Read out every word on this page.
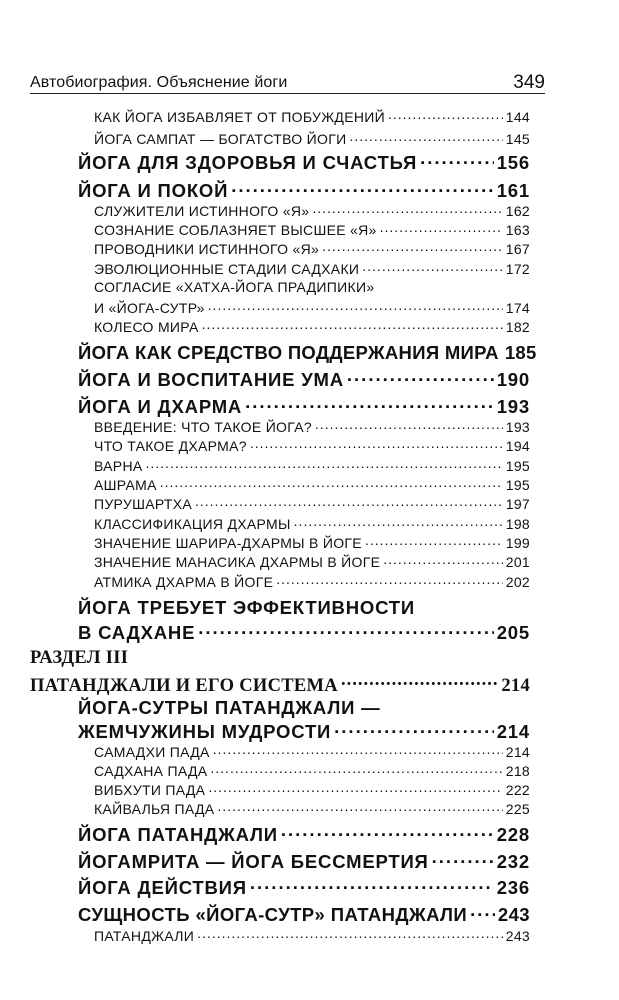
Автобиография. Объяснение йоги	349
КАК ЙОГА ИЗБАВЛЯЕТ ОТ ПОБУЖДЕНИЙ .....	144
ЙОГА САМПАТ — БОГАТСТВО ЙОГИ .....	145
ЙОГА ДЛЯ ЗДОРОВЬЯ И СЧАСТЬЯ .....	156
ЙОГА И ПОКОЙ .....	161
СЛУЖИТЕЛИ ИСТИННОГО «Я» .....	162
СОЗНАНИЕ СОБЛАЗНЯЕТ ВЫСШЕЕ «Я» .....	163
ПРОВОДНИКИ ИСТИННОГО «Я» .....	167
ЭВОЛЮЦИОННЫЕ СТАДИИ САДХАКИ .....	172
СОГЛАСИЕ «ХАТХА-ЙОГА ПРАДИПИКИ»
И «ЙОГА-СУТР» .....	174
КОЛЕСО МИРА .....	182
ЙОГА КАК СРЕДСТВО ПОДДЕРЖАНИЯ МИРА 185
ЙОГА И ВОСПИТАНИЕ УМА .....	190
ЙОГА И ДХАРМА .....	193
ВВЕДЕНИЕ: ЧТО ТАКОЕ ЙОГА? .....	193
ЧТО ТАКОЕ ДХАРМА? .....	194
ВАРНА .....	195
АШРАМА .....	195
ПУРУШАРТХА .....	197
КЛАССИФИКАЦИЯ ДХАРМЫ .....	198
ЗНАЧЕНИЕ ШАРИРА-ДХАРМЫ В ЙОГЕ .....	199
ЗНАЧЕНИЕ МАНАСИКА ДХАРМЫ В ЙОГЕ .....	201
АТМИКА ДХАРМА В ЙОГЕ .....	202
ЙОГА ТРЕБУЕТ ЭФФЕКТИВНОСТИ
В САДХАНЕ .....	205
РАЗДЕЛ III
ПАТАНДЖАЛИ И ЕГО СИСТЕМА .....	214
ЙОГА-СУТРЫ ПАТАНДЖАЛИ —
ЖЕМЧУЖИНЫ МУДРОСТИ .....	214
САМАДХИ ПАДА .....	214
САДХАНА ПАДА .....	218
ВИБХУТИ ПАДА .....	222
КАЙВАЛЬЯ ПАДА .....	225
ЙОГА ПАТАНДЖАЛИ .....	228
ЙОГАМРИТА — ЙОГА БЕССМЕРТИЯ .....	232
ЙОГА ДЕЙСТВИЯ .....	236
СУЩНОСТЬ «ЙОГА-СУТР» ПАТАНДЖАЛИ ..... 243
ПАТАНДЖАЛИ .....	243
